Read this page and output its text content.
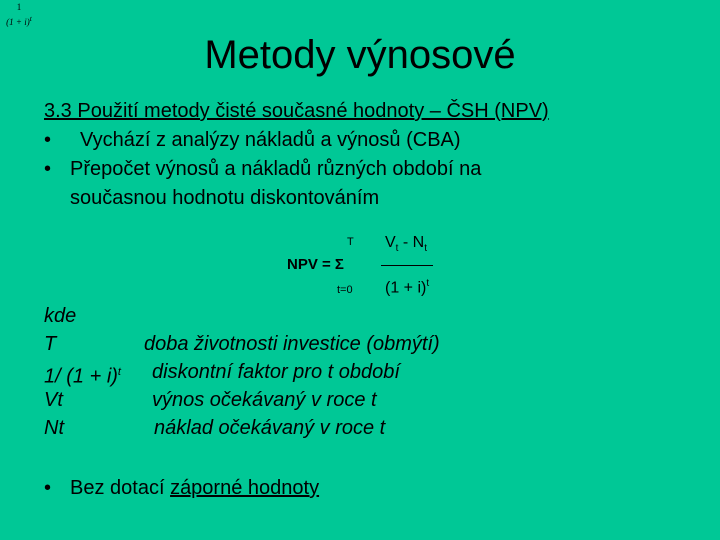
1
$(1 + i)^t$
Metody výnosové
3.3 Použití metody čisté současné hodnoty – ČSH (NPV)
•	Vychází z analýzy nákladů a výnosů (CBA)
• Přepočet výnosů a nákladů různých období na
současnou hodnotu diskontováním
T
NPV = Σ
t=0
$V_t - N_t$
$(1 + i)^t$
kde
T	doba životnosti investice (obmýtí)
1/ $(1 + i)^t$ diskontní faktor pro t období
Vt	výnos očekávaný v roce t
Nt	náklad očekávaný v roce t
• Bez dotací záporné hodnoty
